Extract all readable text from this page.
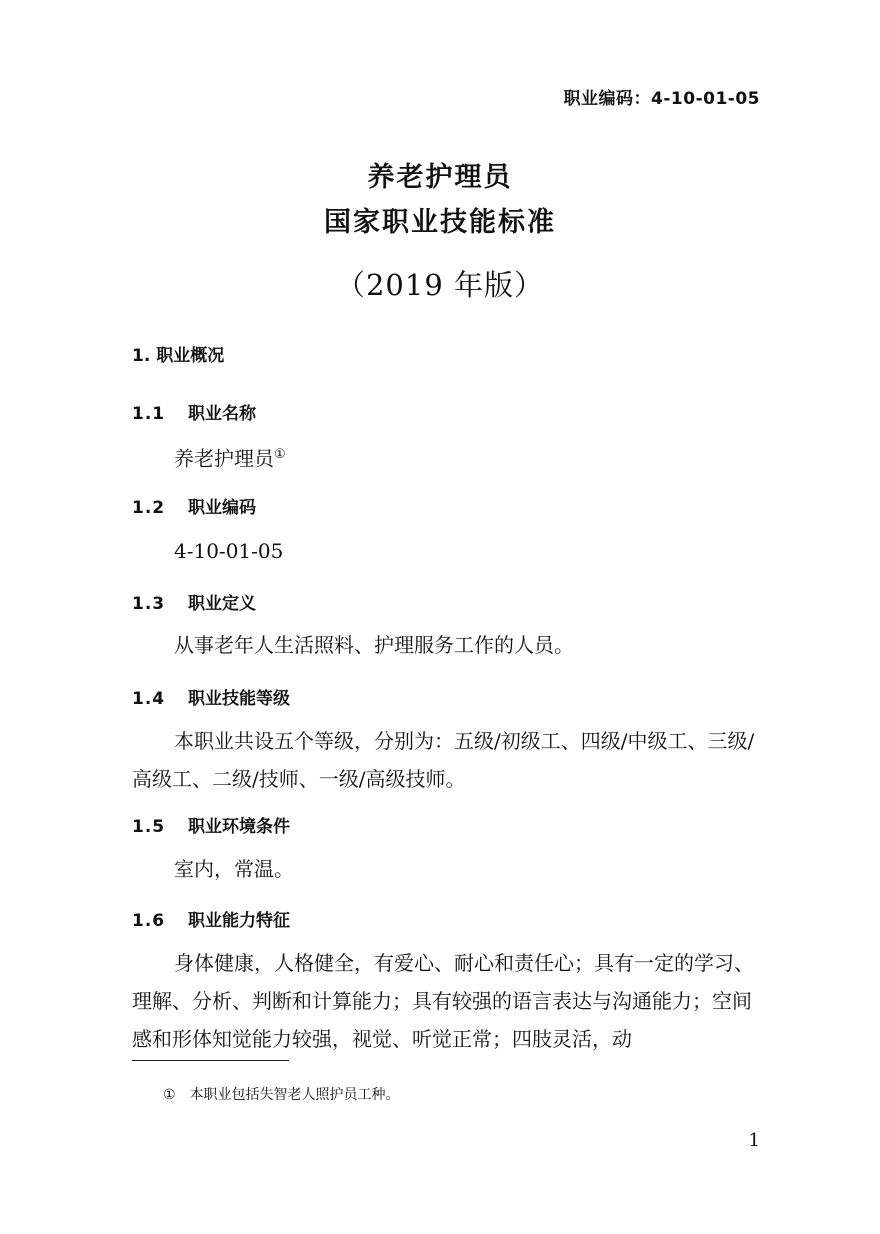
职业编码：4-10-01-05
养老护理员
国家职业技能标准
（2019 年版）
1. 职业概况
1.1	职业名称
养老护理员①
1.2	职业编码
4-10-01-05
1.3	职业定义
从事老年人生活照料、护理服务工作的人员。
1.4	职业技能等级
本职业共设五个等级，分别为：五级/初级工、四级/中级工、三级/高级工、二级/技师、一级/高级技师。
1.5	职业环境条件
室内，常温。
1.6	职业能力特征
身体健康，人格健全，有爱心、耐心和责任心；具有一定的学习、理解、分析、判断和计算能力；具有较强的语言表达与沟通能力；空间感和形体知觉能力较强，视觉、听觉正常；四肢灵活，动
① 本职业包括失智老人照护员工种。
1
